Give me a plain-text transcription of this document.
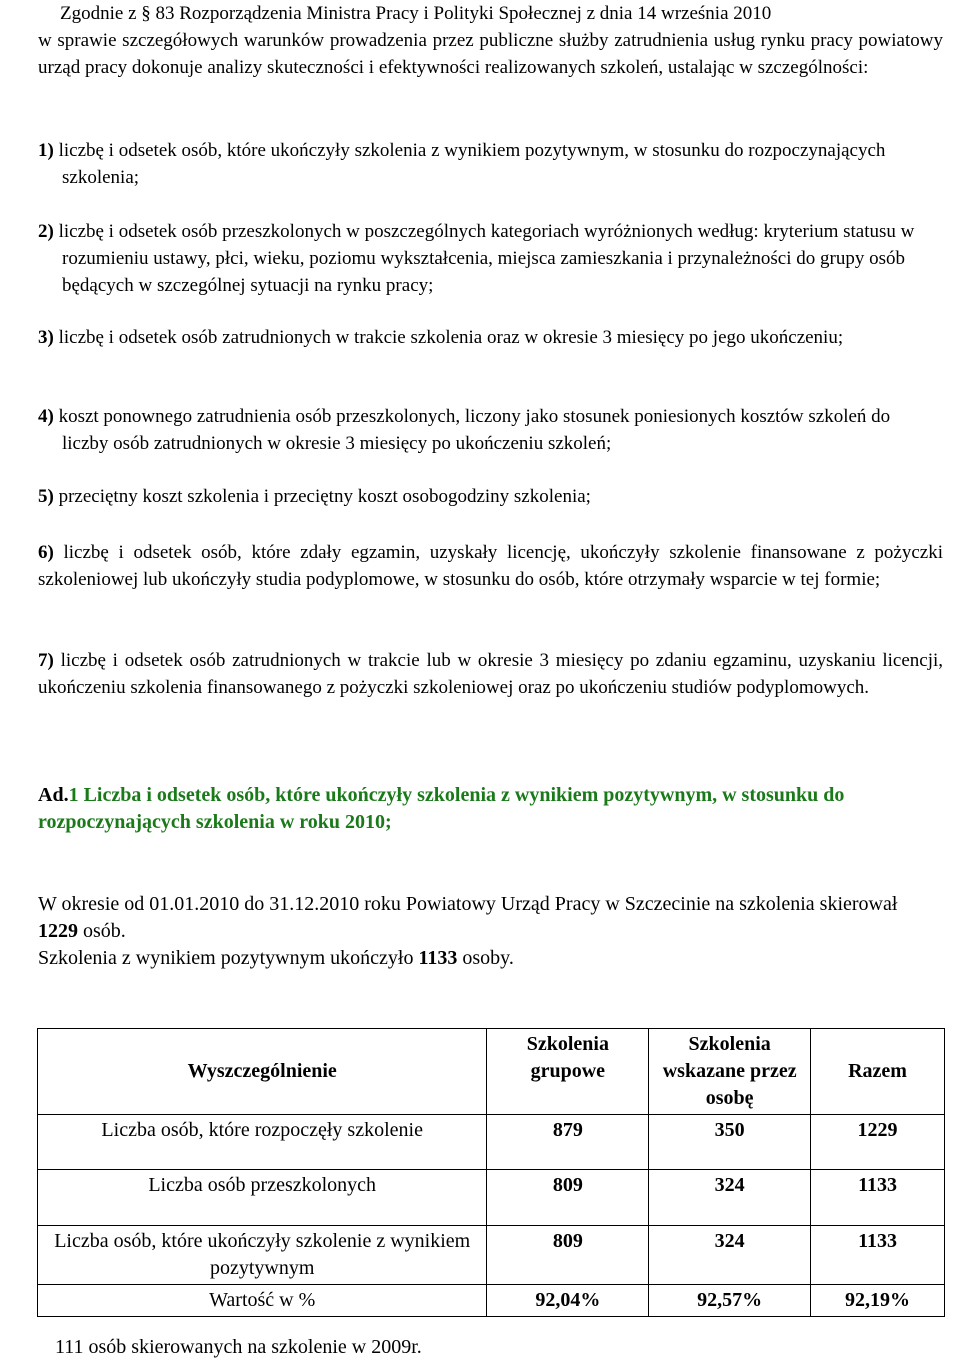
Zgodnie z § 83 Rozporządzenia Ministra Pracy i Polityki Społecznej z dnia 14 września 2010
w sprawie szczegółowych warunków prowadzenia przez publiczne służby zatrudnienia usług rynku pracy powiatowy urząd pracy dokonuje analizy skuteczności i efektywności realizowanych szkoleń, ustalając w szczególności:
1) liczbę i odsetek osób, które ukończyły szkolenia z wynikiem pozytywnym, w stosunku do rozpoczynających szkolenia;
2) liczbę i odsetek osób przeszkolonych w poszczególnych kategoriach wyróżnionych według: kryterium statusu w rozumieniu ustawy, płci, wieku, poziomu wykształcenia, miejsca zamieszkania i przynależności do grupy osób będących w szczególnej sytuacji na rynku pracy;
3) liczbę i odsetek osób zatrudnionych w trakcie szkolenia oraz w okresie 3 miesięcy po jego ukończeniu;
4) koszt ponownego zatrudnienia osób przeszkolonych, liczony jako stosunek poniesionych kosztów szkoleń do liczby osób zatrudnionych w okresie 3 miesięcy po ukończeniu szkoleń;
5) przeciętny koszt szkolenia i przeciętny koszt osobogodziny szkolenia;
6) liczbę i odsetek osób, które zdały egzamin, uzyskały licencję, ukończyły szkolenie finansowane z pożyczki szkoleniowej lub ukończyły studia podyplomowe, w stosunku do osób, które otrzymały wsparcie w tej formie;
7) liczbę i odsetek osób zatrudnionych w trakcie lub w okresie 3 miesięcy po zdaniu egzaminu, uzyskaniu licencji, ukończeniu szkolenia finansowanego z pożyczki szkoleniowej oraz po ukończeniu studiów podyplomowych.
Ad.1 Liczba i odsetek osób, które ukończyły szkolenia z wynikiem pozytywnym, w stosunku do rozpoczynających szkolenia w roku 2010;
W okresie od 01.01.2010 do 31.12.2010 roku Powiatowy Urząd Pracy w Szczecinie na szkolenia skierował 1229 osób.
Szkolenia z wynikiem pozytywnym ukończyło 1133 osoby.
Wyszczególnienie	Szkolenia grupowe	Szkolenia wskazane przez osobę	Razem
Liczba osób, które rozpoczęły szkolenie	879	350	1229
Liczba osób przeszkolonych	809	324	1133
Liczba osób, które ukończyły szkolenie z wynikiem pozytywnym	809	324	1133
Wartość w %	92,04%	92,57%	92,19%
111 osób skierowanych na szkolenie w 2009r.
